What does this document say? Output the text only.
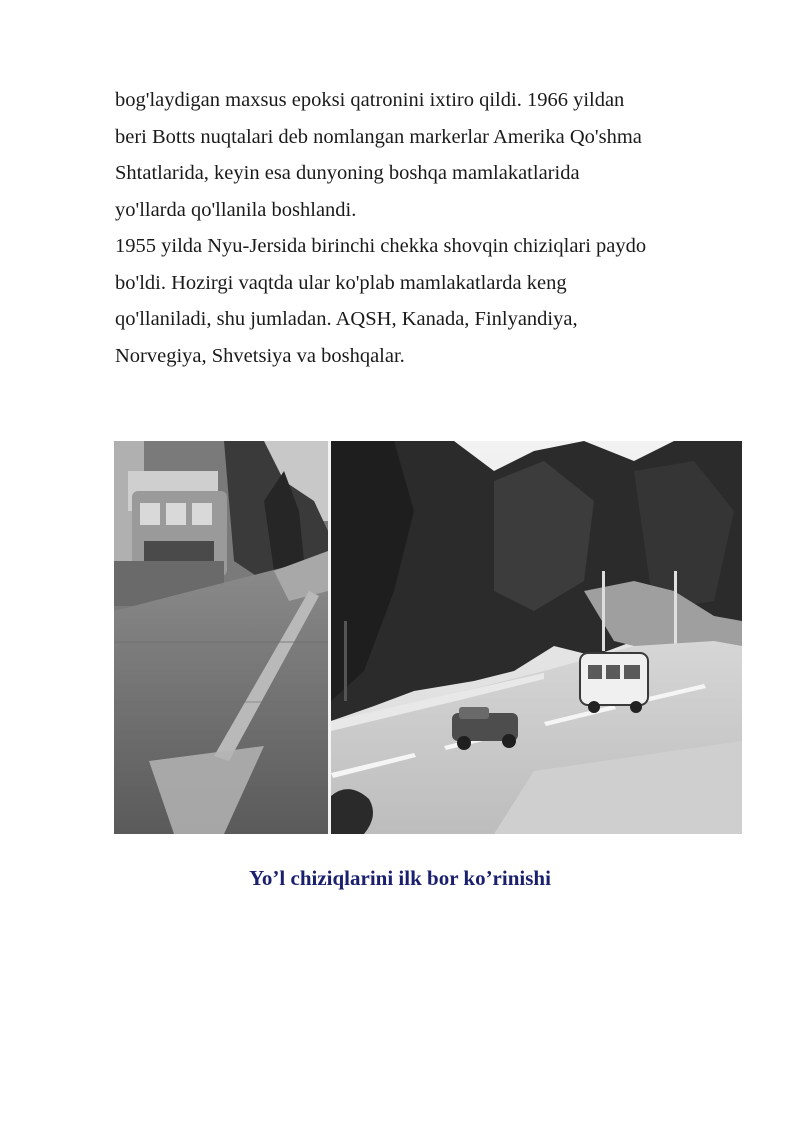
bog'laydigan maxsus epoksi qatronini ixtiro qildi. 1966 yildan
beri Botts nuqtalari deb nomlangan markerlar Amerika Qo'shma
Shtatlarida, keyin esa dunyoning boshqa mamlakatlarida
yo'llarda qo'llanila boshlandi.
1955 yilda Nyu-Jersida birinchi chekka shovqin chiziqlari paydo
bo'ldi. Hozirgi vaqtda ular ko'plab mamlakatlarda keng
qo'llaniladi, shu jumladan. AQSH, Kanada, Finlyandiya,
Norvegiya, Shvetsiya va boshqalar.
Yo’l chiziqlarini ilk bor ko’rinishi
